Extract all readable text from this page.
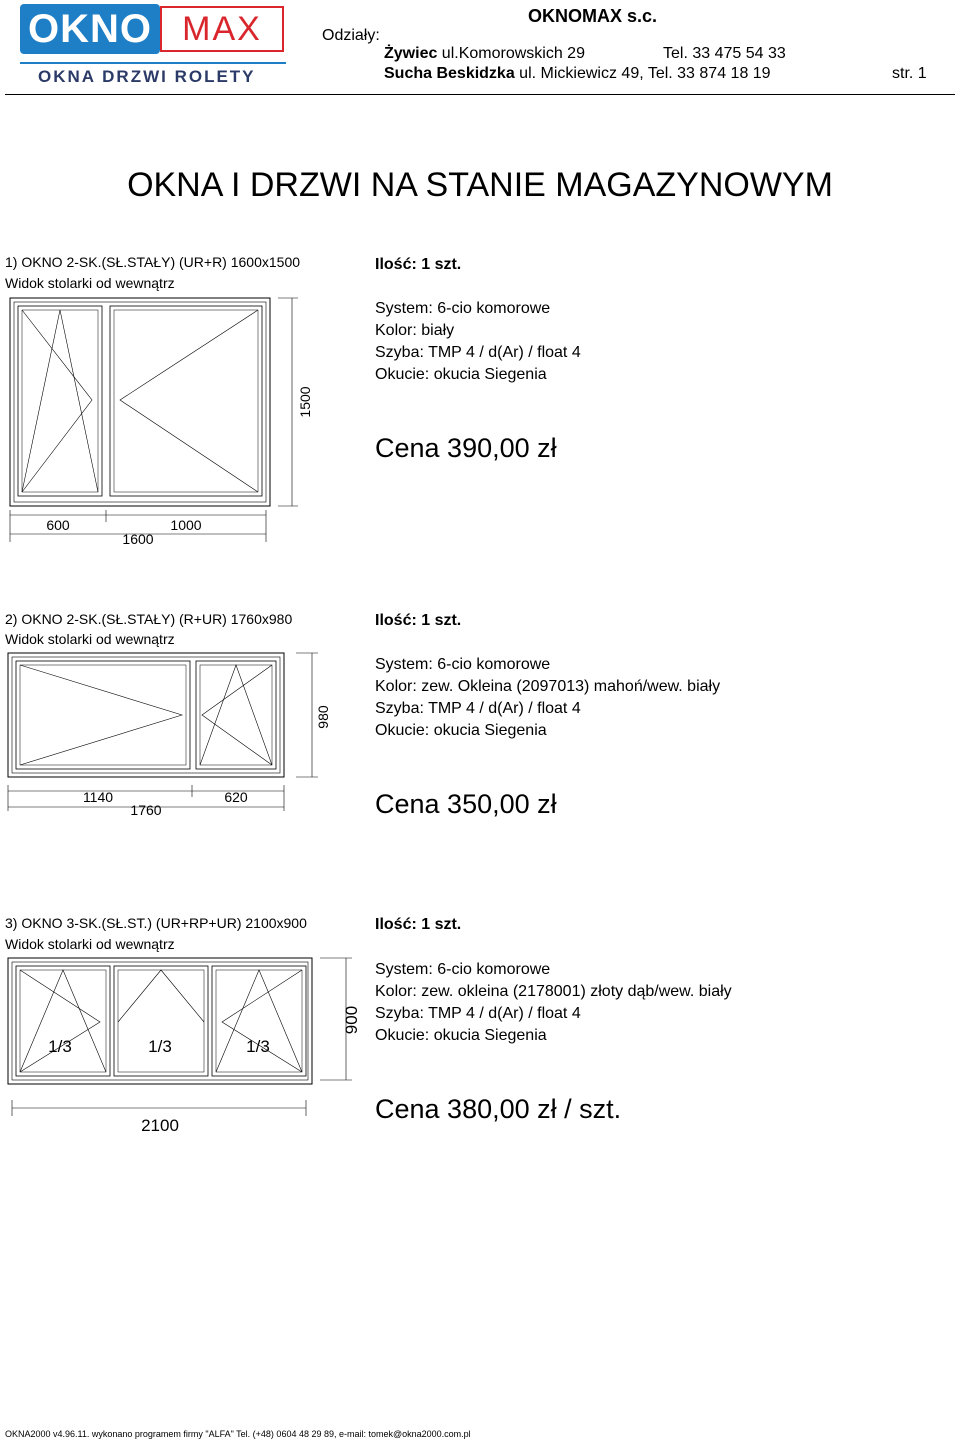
OKNO MAX
OKNA DRZWI ROLETY
OKNOMAX s.c.
Odziały:
Żywiec ul.Komorowskich 29	Tel. 33 475 54 33
Sucha Beskidzka ul. Mickiewicz 49, Tel. 33 874 18 19	str. 1
OKNA I DRZWI NA STANIE MAGAZYNOWYM
1) OKNO 2-SK.(SŁ.STAŁY) (UR+R) 1600x1500
Widok stolarki od wewnątrz
Ilość: 1 szt.
System: 6-cio komorowe
Kolor: biały
Szyba: TMP 4 / d(Ar) / float 4
Okucie: okucia Siegenia
Cena 390,00 zł
1500
600	1000
1600
2) OKNO 2-SK.(SŁ.STAŁY) (R+UR) 1760x980
Widok stolarki od wewnątrz
Ilość: 1 szt.
System: 6-cio komorowe
Kolor: zew. Okleina (2097013) mahoń/wew. biały
Szyba: TMP 4 / d(Ar) / float 4
Okucie: okucia Siegenia
Cena 350,00 zł
980
1140	620
1760
3) OKNO 3-SK.(SŁ.ST.) (UR+RP+UR) 2100x900
Widok stolarki od wewnątrz
Ilość: 1 szt.
System: 6-cio komorowe
Kolor: zew. okleina (2178001) złoty dąb/wew. biały
Szyba: TMP 4 / d(Ar) / float 4
Okucie: okucia Siegenia
Cena 380,00 zł / szt.
1/3	1/3	1/3
900
2100
OKNA2000 v4.96.11. wykonano programem firmy "ALFA" Tel. (+48) 0604 48 29 89, e-mail: tomek@okna2000.com.pl
